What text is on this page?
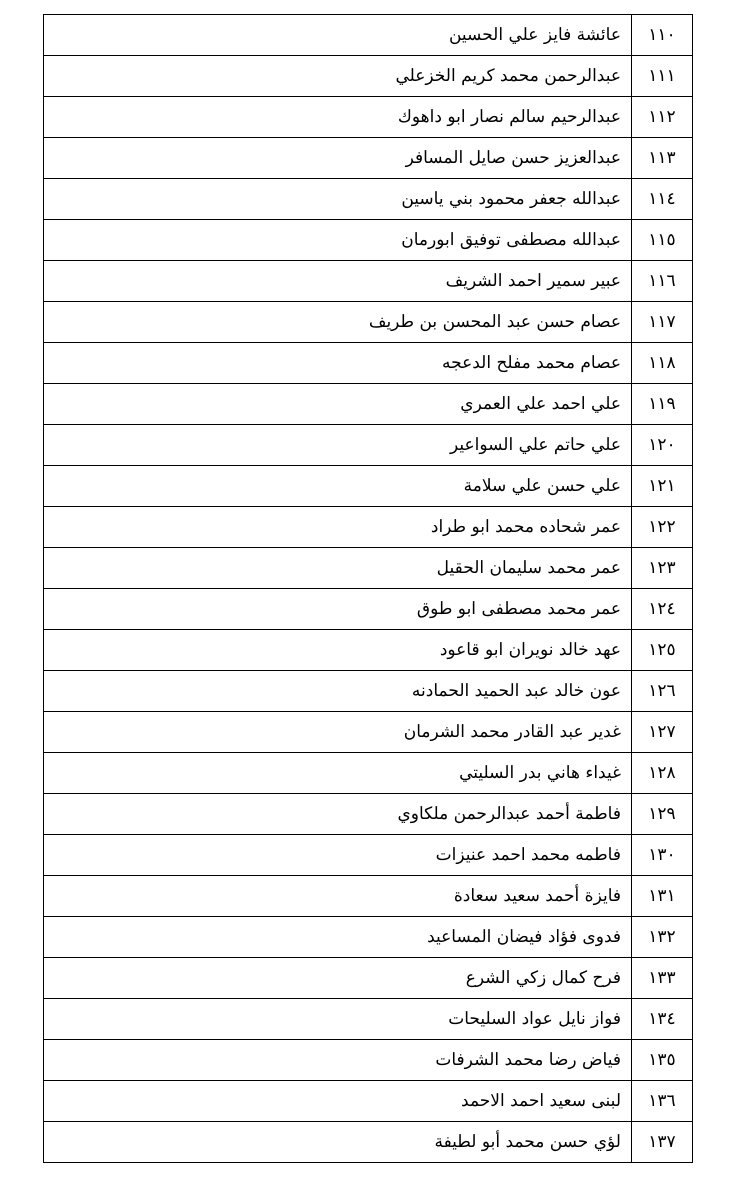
١١٠	عائشة فايز علي الحسين
١١١	عبدالرحمن محمد كريم الخزعلي
١١٢	عبدالرحيم سالم نصار ابو داهوك
١١٣	عبدالعزيز حسن صايل المسافر
١١٤	عبدالله جعفر محمود بني ياسين
١١٥	عبدالله مصطفى توفيق ابورمان
١١٦	عبير سمير احمد الشريف
١١٧	عصام حسن عبد المحسن بن طريف
١١٨	عصام محمد مفلح الدعجه
١١٩	علي احمد علي العمري
١٢٠	علي حاتم علي السواعير
١٢١	علي حسن علي سلامة
١٢٢	عمر شحاده محمد ابو طراد
١٢٣	عمر محمد سليمان الحقيل
١٢٤	عمر محمد مصطفى ابو طوق
١٢٥	عهد خالد نويران ابو قاعود
١٢٦	عون خالد عبد الحميد الحمادنه
١٢٧	غدير عبد القادر محمد الشرمان
١٢٨	غيداء هاني بدر السليتي
١٢٩	فاطمة أحمد عبدالرحمن ملكاوي
١٣٠	فاطمه محمد احمد عنيزات
١٣١	فايزة أحمد سعيد سعادة
١٣٢	فدوى فؤاد فيضان المساعيد
١٣٣	فرح كمال زكي الشرع
١٣٤	فواز نايل عواد السليحات
١٣٥	فياض رضا محمد الشرفات
١٣٦	لبنى سعيد احمد الاحمد
١٣٧	لؤي حسن محمد أبو لطيفة
